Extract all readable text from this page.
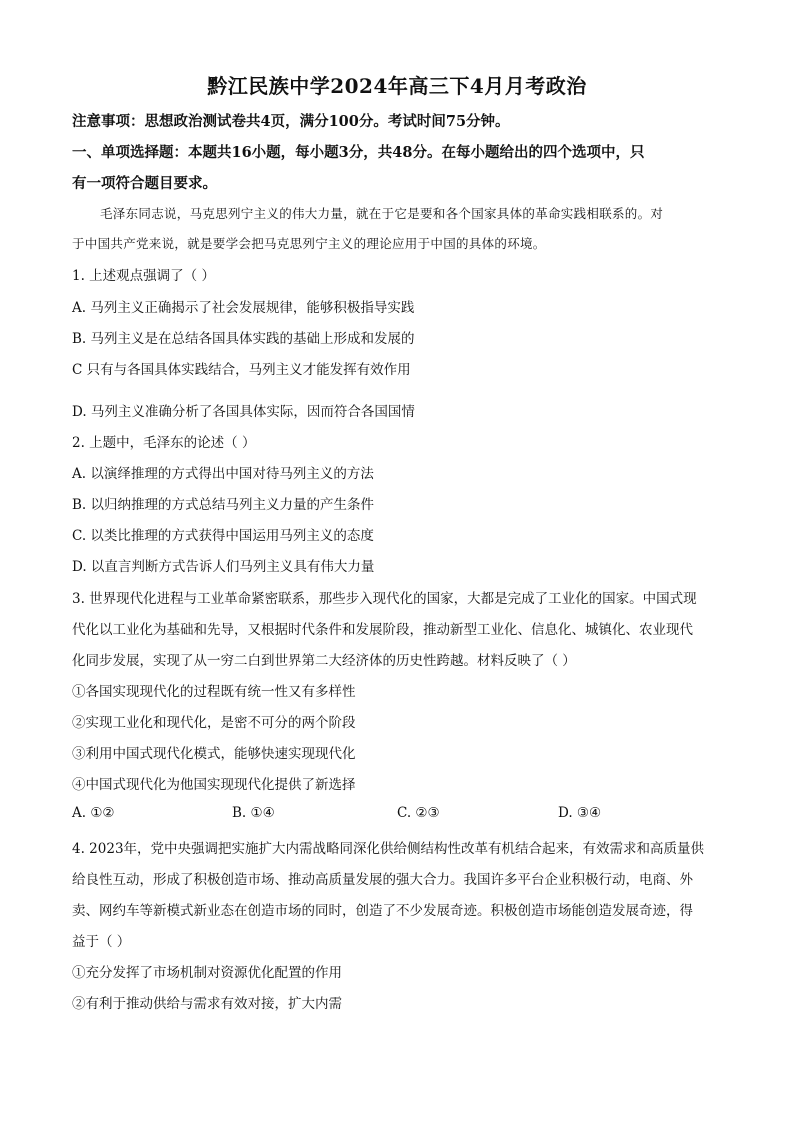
黔江民族中学2024年高三下4月月考政治
注意事项：思想政治测试卷共4页，满分100分。考试时间75分钟。
一、单项选择题：本题共16小题，每小题3分，共48分。在每小题给出的四个选项中，只
有一项符合题目要求。
毛泽东同志说，马克思列宁主义的伟大力量，就在于它是要和各个国家具体的革命实践相联系的。对
于中国共产党来说，就是要学会把马克思列宁主义的理论应用于中国的具体的环境。
1. 上述观点强调了（ ）
A. 马列主义正确揭示了社会发展规律，能够积极指导实践
B. 马列主义是在总结各国具体实践的基础上形成和发展的
C 只有与各国具体实践结合，马列主义才能发挥有效作用
D. 马列主义准确分析了各国具体实际，因而符合各国国情
2. 上题中，毛泽东的论述（ ）
A. 以演绎推理的方式得出中国对待马列主义的方法
B. 以归纳推理的方式总结马列主义力量的产生条件
C. 以类比推理的方式获得中国运用马列主义的态度
D. 以直言判断方式告诉人们马列主义具有伟大力量
3. 世界现代化进程与工业革命紧密联系，那些步入现代化的国家，大都是完成了工业化的国家。中国式现
代化以工业化为基础和先导，又根据时代条件和发展阶段，推动新型工业化、信息化、城镇化、农业现代
化同步发展，实现了从一穷二白到世界第二大经济体的历史性跨越。材料反映了（ ）
①各国实现现代化的过程既有统一性又有多样性
②实现工业化和现代化，是密不可分的两个阶段
③利用中国式现代化模式，能够快速实现现代化
④中国式现代化为他国实现现代化提供了新选择
A. ①②	B. ①④	C. ②③	D. ③④
4. 2023年，党中央强调把实施扩大内需战略同深化供给侧结构性改革有机结合起来，有效需求和高质量供
给良性互动，形成了积极创造市场、推动高质量发展的强大合力。我国许多平台企业积极行动，电商、外
卖、网约车等新模式新业态在创造市场的同时，创造了不少发展奇迹。积极创造市场能创造发展奇迹，得
益于（ ）
①充分发挥了市场机制对资源优化配置的作用
②有利于推动供给与需求有效对接，扩大内需
